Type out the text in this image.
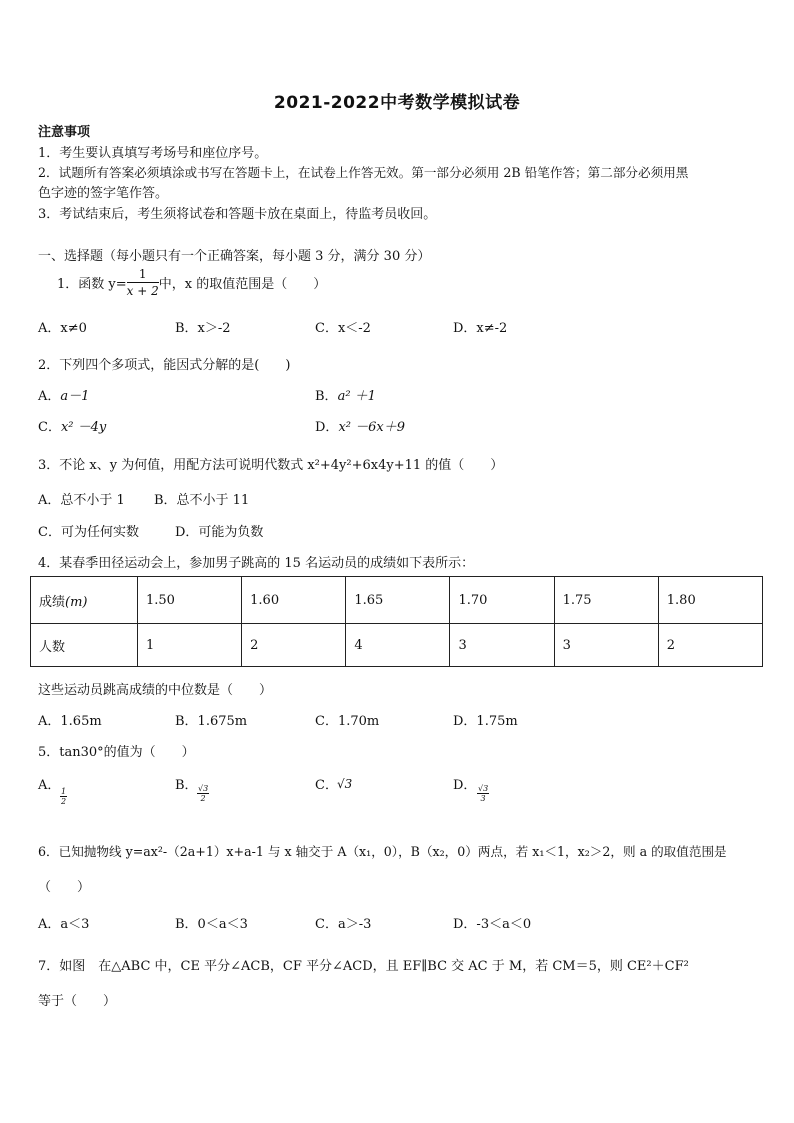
2021-2022中考数学模拟试卷
注意事项
1．考生要认真填写考场号和座位序号。
2．试题所有答案必须填涂或书写在答题卡上，在试卷上作答无效。第一部分必须用 2B 铅笔作答；第二部分必须用黑
色字迹的签字笔作答。
3．考试结束后，考生须将试卷和答题卡放在桌面上，待监考员收回。
一、选择题（每小题只有一个正确答案，每小题 3 分，满分 30 分）
1．函数 $y= \frac{1}{x + 2}$ 中，x 的取值范围是（　　）
A．x≠0	B．x＞-2	C．x＜-2	D．x≠-2
2．下列四个多项式，能因式分解的是(　　)
A．a－1	B．a² ＋1
C．x² －4y	D．x² －6x＋9
3．不论 x、y 为何值，用配方法可说明代数式 x²+4y²+6x4y+11 的值（　　）
A．总不小于 1 B．总不小于 11
C．可为任何实数	D．可能为负数
4．某春季田径运动会上，参加男子跳高的 15 名运动员的成绩如下表所示：
成绩(m)	1.50	1.60	1.65	1.70	1.75	1.80
人数	1	2	4	3	3	2
这些运动员跳高成绩的中位数是（　　）
A．1.65m	B．1.675m	C．1.70m	D．1.75m
5．tan30°的值为（　　）
A．
$\frac{1}{2}$
B． $\frac{√3}{2}$	C． √3	D． $\frac{√3}{3}$
6．已知抛物线 y=ax²-（2a+1）x+a-1 与 x 轴交于 A（x₁，0），B（x₂，0）两点，若 x₁＜1，x₂＞2，则 a 的取值范围是
（　　）
A．a＜3	B．0＜a＜3	C．a＞-3	D．-3＜a＜0
7．如图　在△ABC 中，CE 平分∠ACB，CF 平分∠ACD，且 EF∥BC 交 AC 于 M，若 CM＝5，则 CE²＋CF²
等于（　　）
